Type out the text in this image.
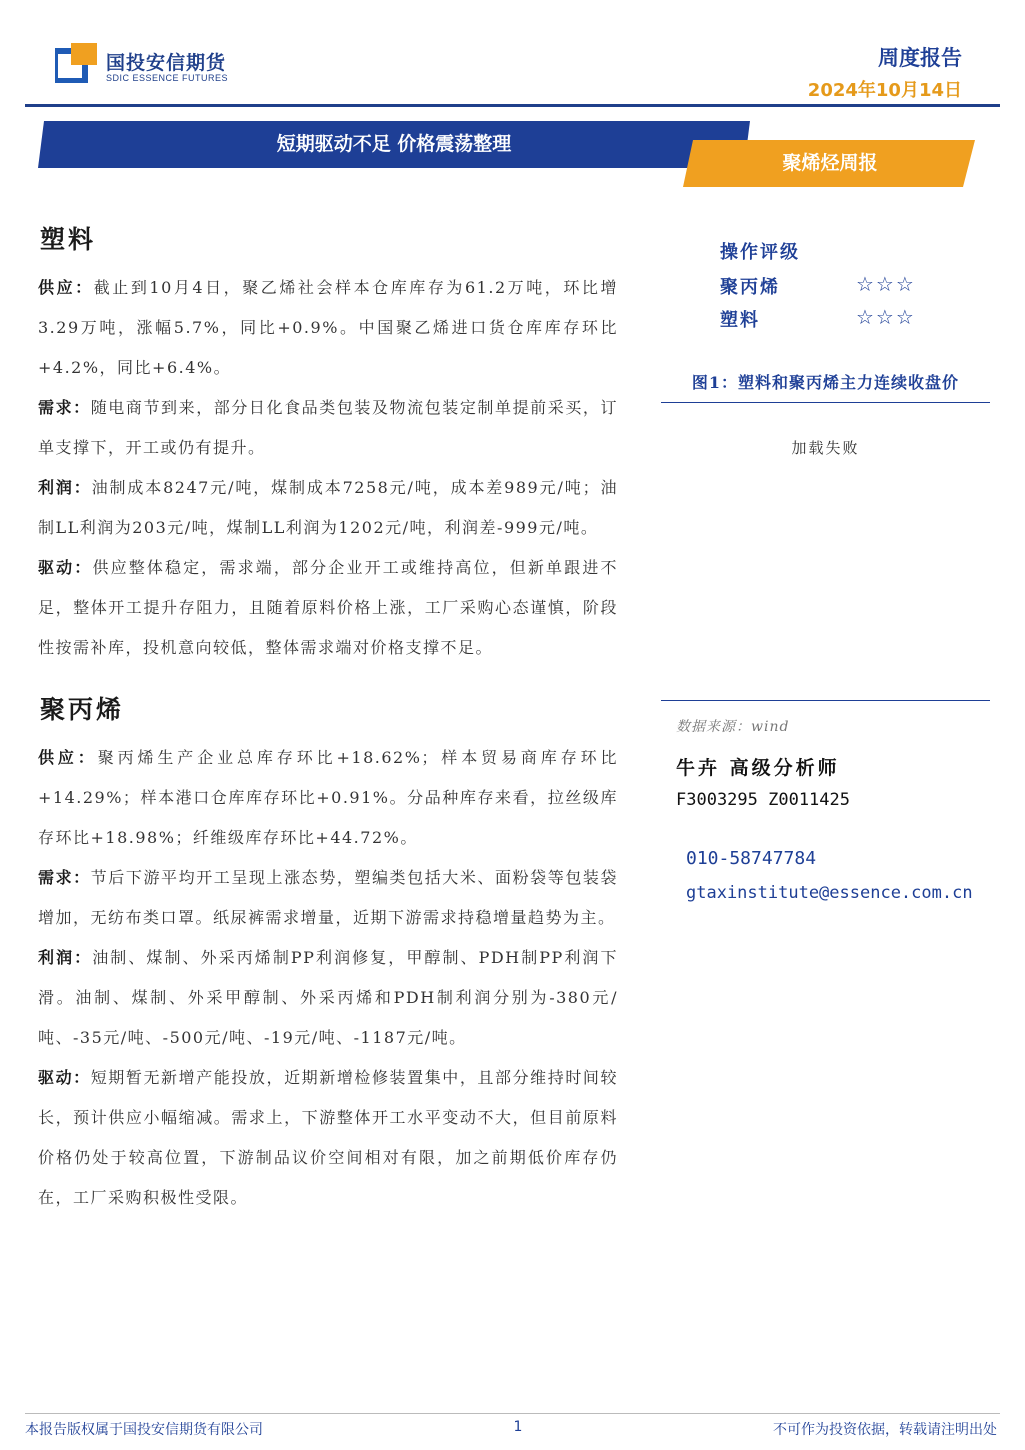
国投安信期货
SDIC ESSENCE FUTURES
周度报告
2024年10月14日
短期驱动不足 价格震荡整理
聚烯烃周报
塑料

供应：截止到10月4日，聚乙烯社会样本仓库库存为61.2万吨，环比增3.29万吨，涨幅5.7%，同比+0.9%。中国聚乙烯进口货仓库库存环比+4.2%，同比+6.4%。

需求：随电商节到来，部分日化食品类包装及物流包装定制单提前采买，订单支撑下，开工或仍有提升。

利润：油制成本8247元/吨，煤制成本7258元/吨，成本差989元/吨；油制LL利润为203元/吨，煤制LL利润为1202元/吨，利润差-999元/吨。

驱动：供应整体稳定，需求端，部分企业开工或维持高位，但新单跟进不足，整体开工提升存阻力，且随着原料价格上涨，工厂采购心态谨慎，阶段性按需补库，投机意向较低，整体需求端对价格支撑不足。

聚丙烯

供应：聚丙烯生产企业总库存环比+18.62%；样本贸易商库存环比+14.29%；样本港口仓库库存环比+0.91%。分品种库存来看，拉丝级库存环比+18.98%；纤维级库存环比+44.72%。

需求：节后下游平均开工呈现上涨态势，塑编类包括大米、面粉袋等包装袋增加，无纺布类口罩。纸尿裤需求增量，近期下游需求持稳增量趋势为主。

利润：油制、煤制、外采丙烯制PP利润修复，甲醇制、PDH制PP利润下滑。油制、煤制、外采甲醇制、外采丙烯和PDH制利润分别为-380元/吨、-35元/吨、-500元/吨、-19元/吨、-1187元/吨。

驱动：短期暂无新增产能投放，近期新增检修装置集中，且部分维持时间较长，预计供应小幅缩减。需求上，下游整体开工水平变动不大，但目前原料价格仍处于较高位置，下游制品议价空间相对有限，加之前期低价库存仍在，工厂采购积极性受限。

操作评级
聚丙烯	☆☆☆
塑料	☆☆☆
图1：塑料和聚丙烯主力连续收盘价
加载失败
数据来源：wind
牛卉 高级分析师
F3003295 Z0011425
010-58747784
gtaxinstitute@essence.com.cn
本报告版权属于国投安信期货有限公司	1	不可作为投资依据，转载请注明出处
